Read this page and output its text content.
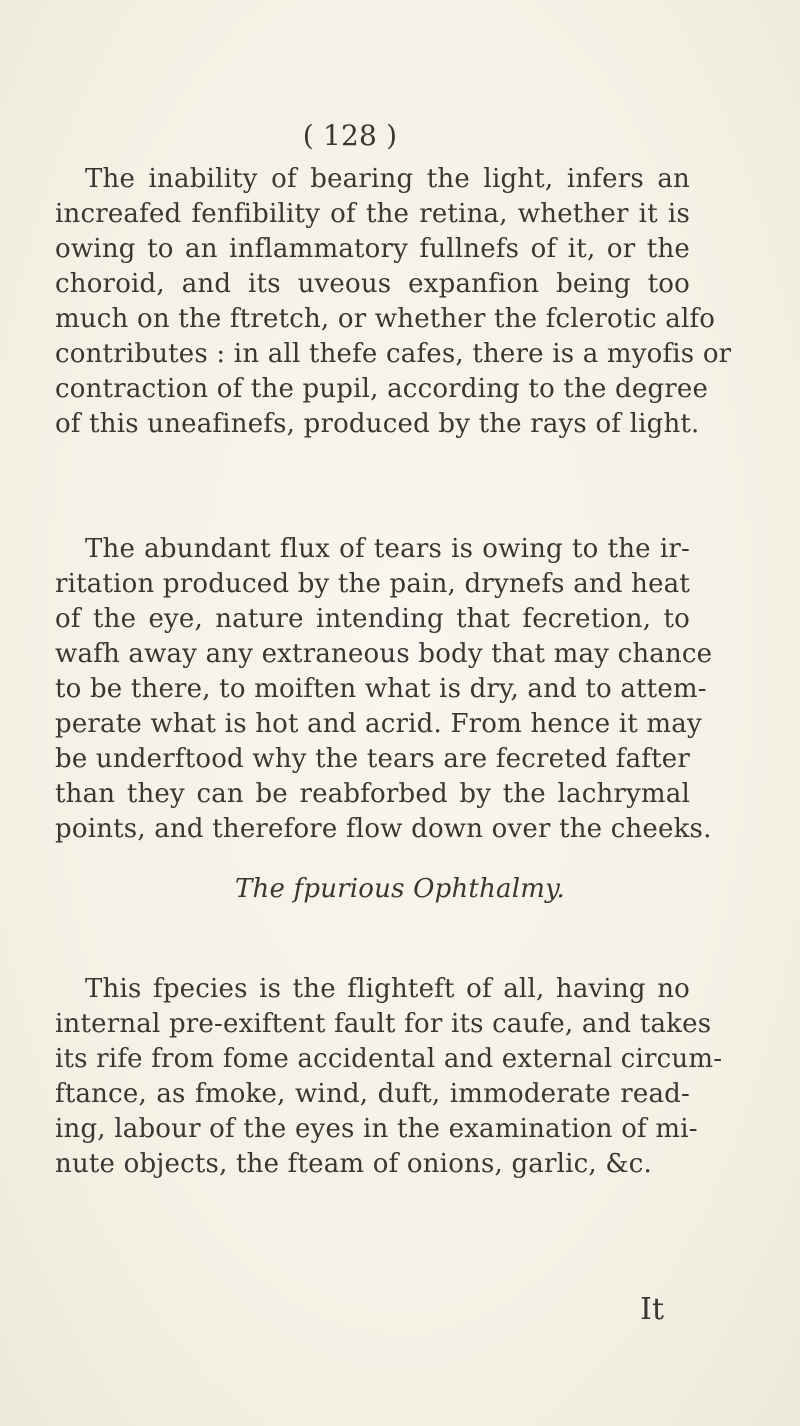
( 128 )
The inability of bearing the light, infers an
increafed fenfibility of the retina, whether it is
owing to an inflammatory fullnefs of it, or the
choroid, and its uveous expanfion being too
much on the ftretch, or whether the fclerotic alfo
contributes : in all thefe cafes, there is a myofis or
contraction of the pupil, according to the degree
of this uneafinefs, produced by the rays of light.
The abundant flux of tears is owing to the ir-
ritation produced by the pain, drynefs and heat
of the eye, nature intending that fecretion, to
wafh away any extraneous body that may chance
to be there, to moiften what is dry, and to attem-
perate what is hot and acrid. From hence it may
be underftood why the tears are fecreted fafter
than they can be reabforbed by the lachrymal
points, and therefore flow down over the cheeks.
The fpurious Ophthalmy.
This fpecies is the flighteft of all, having no
internal pre-exiftent fault for its caufe, and takes
its rife from fome accidental and external circum-
ftance, as fmoke, wind, duft, immoderate read-
ing, labour of the eyes in the examination of mi-
nute objects, the fteam of onions, garlic, &c.
It
